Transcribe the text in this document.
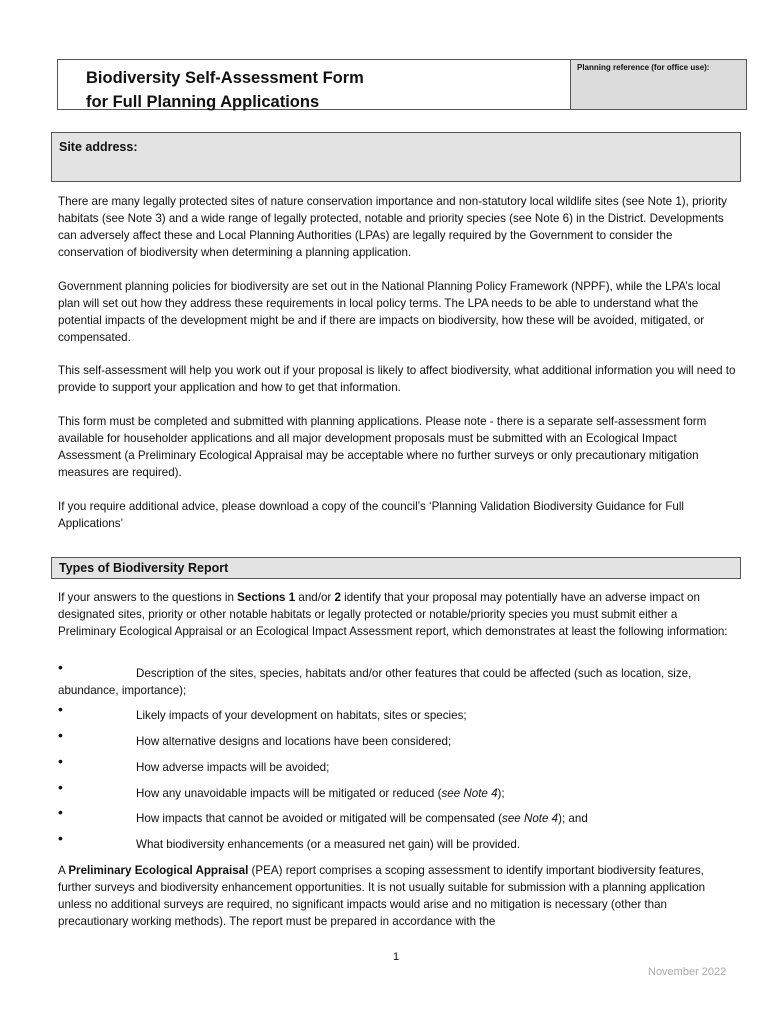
Biodiversity Self-Assessment Form
for Full Planning Applications
Planning reference (for office use):
Site address:

There are many legally protected sites of nature conservation importance and non-statutory local wildlife sites (see Note 1), priority habitats (see Note 3) and a wide range of legally protected, notable and priority species (see Note 6) in the District. Developments can adversely affect these and Local Planning Authorities (LPAs) are legally required by the Government to consider the conservation of biodiversity when determining a planning application.

Government planning policies for biodiversity are set out in the National Planning Policy Framework (NPPF), while the LPA’s local plan will set out how they address these requirements in local policy terms. The LPA needs to be able to understand what the potential impacts of the development might be and if there are impacts on biodiversity, how these will be avoided, mitigated, or compensated.

This self-assessment will help you work out if your proposal is likely to affect biodiversity, what additional information you will need to provide to support your application and how to get that information.

This form must be completed and submitted with planning applications. Please note - there is a separate self-assessment form available for householder applications and all major development proposals must be submitted with an Ecological Impact Assessment (a Preliminary Ecological Appraisal may be acceptable where no further surveys or only precautionary mitigation measures are required).

If you require additional advice, please download a copy of the council’s ‘Planning Validation Biodiversity Guidance for Full Applications’

Types of Biodiversity Report

If your answers to the questions in Sections 1 and/or 2 identify that your proposal may potentially have an adverse impact on designated sites, priority or other notable habitats or legally protected or notable/priority species you must submit either a Preliminary Ecological Appraisal or an Ecological Impact Assessment report, which demonstrates at least the following information:

•	Description of the sites, species, habitats and/or other features that could be affected (such as location, size, abundance, importance);
•	Likely impacts of your development on habitats, sites or species;
•	How alternative designs and locations have been considered;
•	How adverse impacts will be avoided;
•	How any unavoidable impacts will be mitigated or reduced (see Note 4);
•	How impacts that cannot be avoided or mitigated will be compensated (see Note 4); and
•	What biodiversity enhancements (or a measured net gain) will be provided.

A Preliminary Ecological Appraisal (PEA) report comprises a scoping assessment to identify important biodiversity features, further surveys and biodiversity enhancement opportunities. It is not usually suitable for submission with a planning application unless no additional surveys are required, no significant impacts would arise and no mitigation is necessary (other than precautionary working methods). The report must be prepared in accordance with the

1
November 2022
